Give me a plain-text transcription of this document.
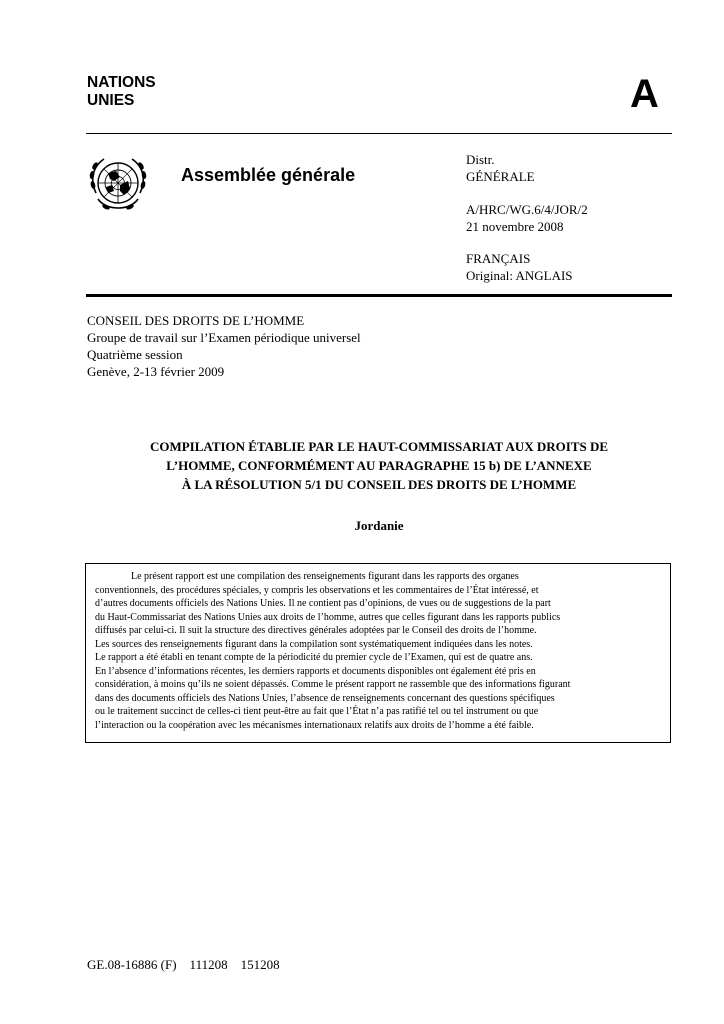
NATIONS
UNIES	A
Assemblée générale
Distr.
GÉNÉRALE
A/HRC/WG.6/4/JOR/2
21 novembre 2008
FRANÇAIS
Original: ANGLAIS
CONSEIL DES DROITS DE L’HOMME
Groupe de travail sur l’Examen périodique universel
Quatrième session
Genève, 2-13 février 2009
COMPILATION ÉTABLIE PAR LE HAUT-COMMISSARIAT AUX DROITS DE
L’HOMME, CONFORMÉMENT AU PARAGRAPHE 15 b) DE L’ANNEXE
À LA RÉSOLUTION 5/1 DU CONSEIL DES DROITS DE L’HOMME
Jordanie
Le présent rapport est une compilation des renseignements figurant dans les rapports des organes
conventionnels, des procédures spéciales, y compris les observations et les commentaires de l’État intéressé, et
d’autres documents officiels des Nations Unies. Il ne contient pas d’opinions, de vues ou de suggestions de la part
du Haut-Commissariat des Nations Unies aux droits de l’homme, autres que celles figurant dans les rapports publics
diffusés par celui-ci. Il suit la structure des directives générales adoptées par le Conseil des droits de l’homme.
Les sources des renseignements figurant dans la compilation sont systématiquement indiquées dans les notes.
Le rapport a été établi en tenant compte de la périodicité du premier cycle de l’Examen, qui est de quatre ans.
En l’absence d’informations récentes, les derniers rapports et documents disponibles ont également été pris en
considération, à moins qu’ils ne soient dépassés. Comme le présent rapport ne rassemble que des informations figurant
dans des documents officiels des Nations Unies, l’absence de renseignements concernant des questions spécifiques
ou le traitement succinct de celles-ci tient peut-être au fait que l’État n’a pas ratifié tel ou tel instrument ou que
l’interaction ou la coopération avec les mécanismes internationaux relatifs aux droits de l’homme a été faible.
GE.08-16886 (F) 111208 151208
